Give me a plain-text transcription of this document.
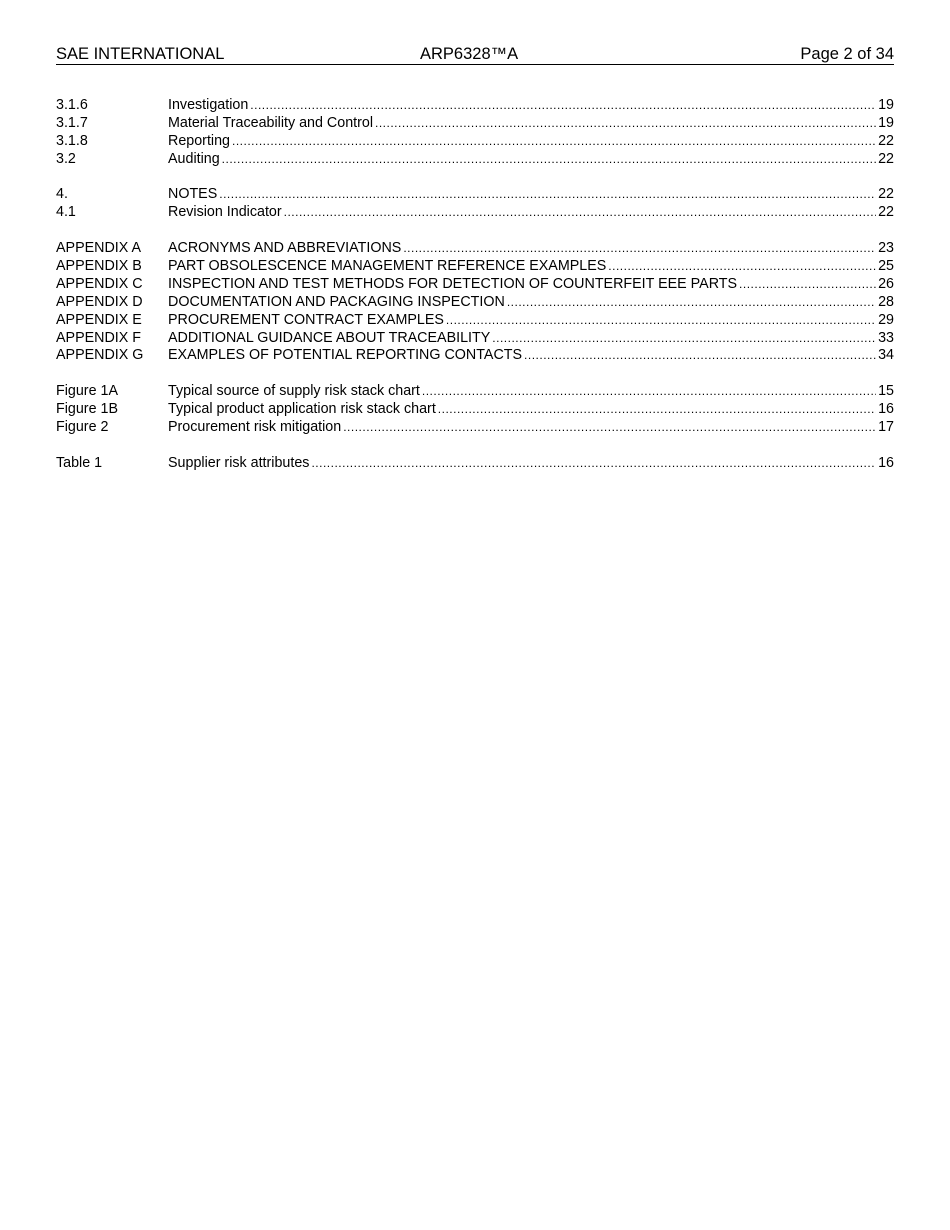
SAE INTERNATIONAL	ARP6328™A	Page 2 of 34
3.1.6	Investigation .....	19
3.1.7	Material Traceability and Control .....	19
3.1.8	Reporting .....	22
3.2	Auditing .....	22
4.	NOTES .....	22
4.1	Revision Indicator .....	22
APPENDIX A	ACRONYMS AND ABBREVIATIONS .....	23
APPENDIX B	PART OBSOLESCENCE MANAGEMENT REFERENCE EXAMPLES .....	25
APPENDIX C	INSPECTION AND TEST METHODS FOR DETECTION OF COUNTERFEIT EEE PARTS .....	26
APPENDIX D	DOCUMENTATION AND PACKAGING INSPECTION .....	28
APPENDIX E	PROCUREMENT CONTRACT EXAMPLES .....	29
APPENDIX F	ADDITIONAL GUIDANCE ABOUT TRACEABILITY .....	33
APPENDIX G	EXAMPLES OF POTENTIAL REPORTING CONTACTS .....	34
Figure 1A	Typical source of supply risk stack chart .....	15
Figure 1B	Typical product application risk stack chart .....	16
Figure 2	Procurement risk mitigation .....	17
Table 1	Supplier risk attributes .....	16
